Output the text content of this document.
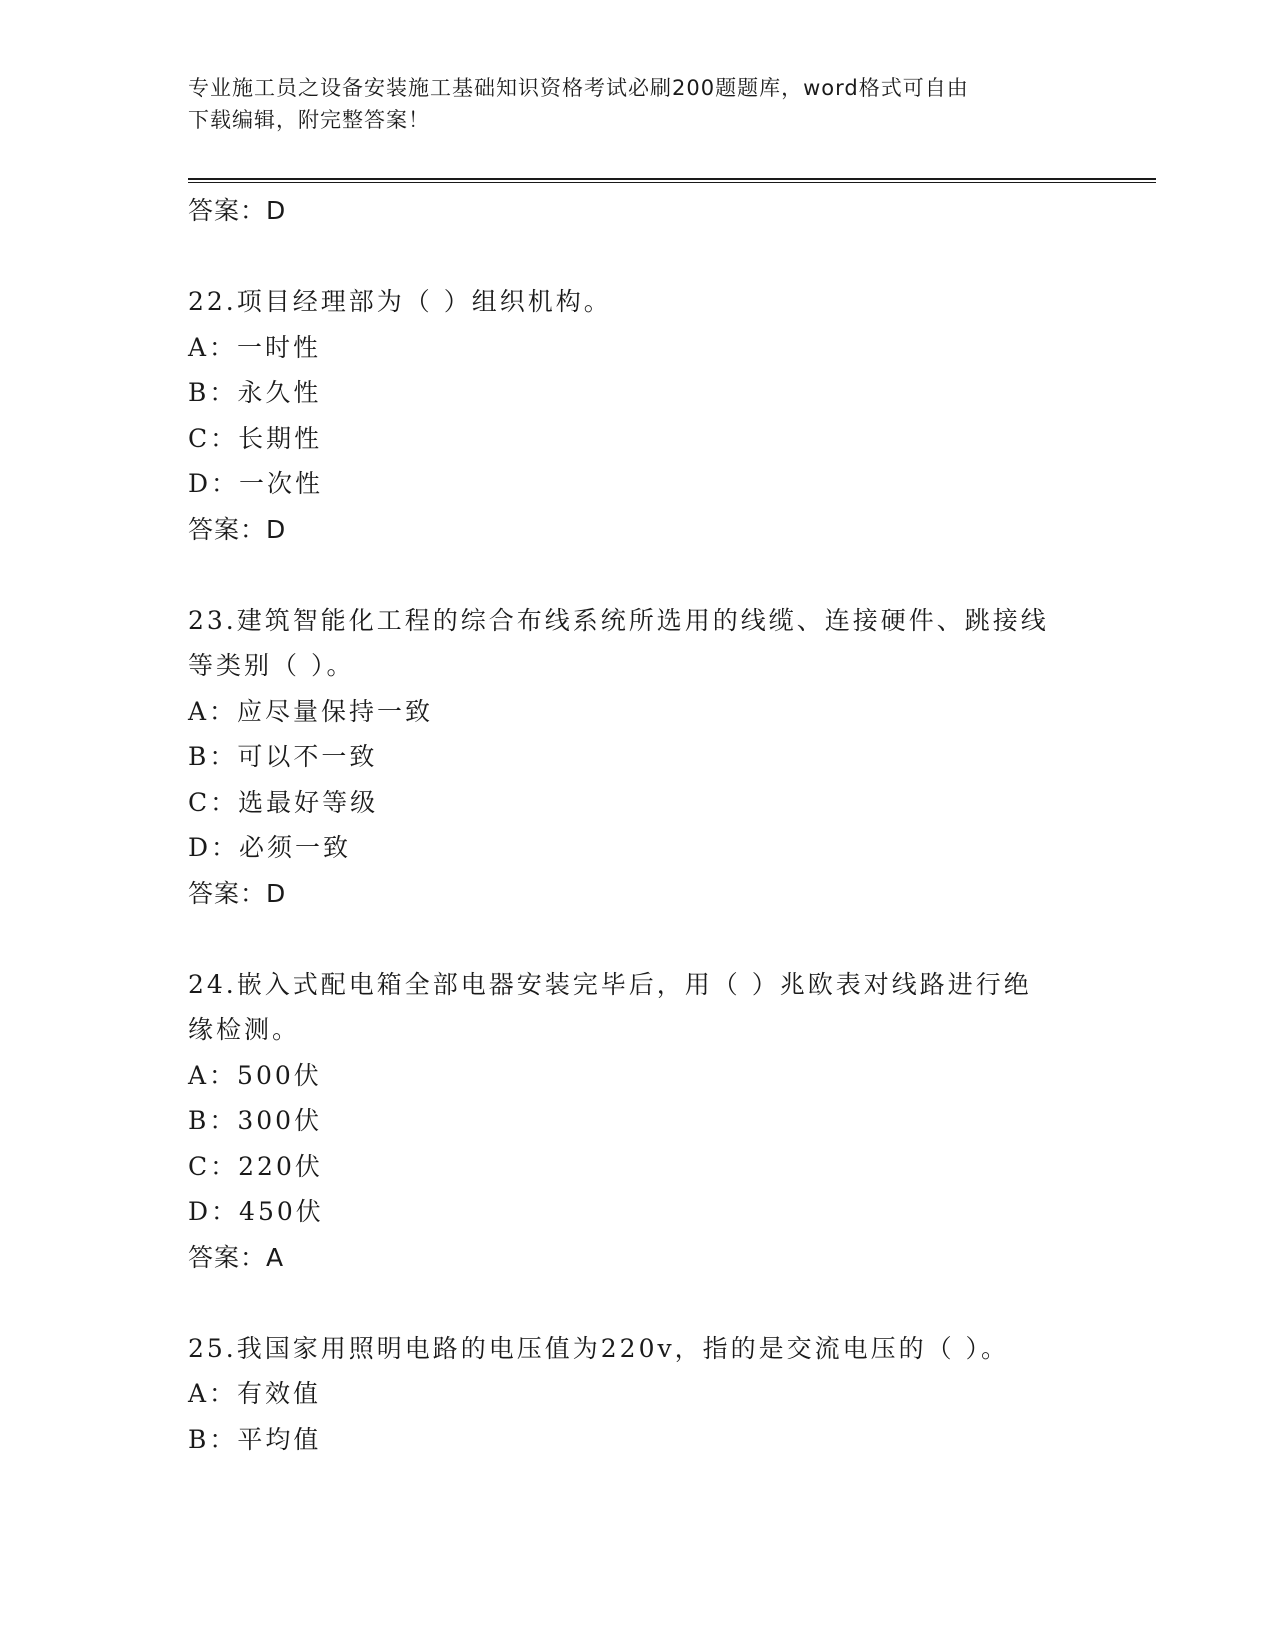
专业施工员之设备安装施工基础知识资格考试必刷200题题库，word格式可自由
下载编辑，附完整答案！
答案：D
22.项目经理部为（ ）组织机构。
A：一时性
B：永久性
C：长期性
D：一次性
答案：D
23.建筑智能化工程的综合布线系统所选用的线缆、连接硬件、跳接线
等类别（ ）。
A：应尽量保持一致
B：可以不一致
C：选最好等级
D：必须一致
答案：D
24.嵌入式配电箱全部电器安装完毕后，用（ ）兆欧表对线路进行绝
缘检测。
A：500伏
B：300伏
C：220伏
D：450伏
答案：A
25.我国家用照明电路的电压值为220v，指的是交流电压的（ ）。
A：有效值
B：平均值
